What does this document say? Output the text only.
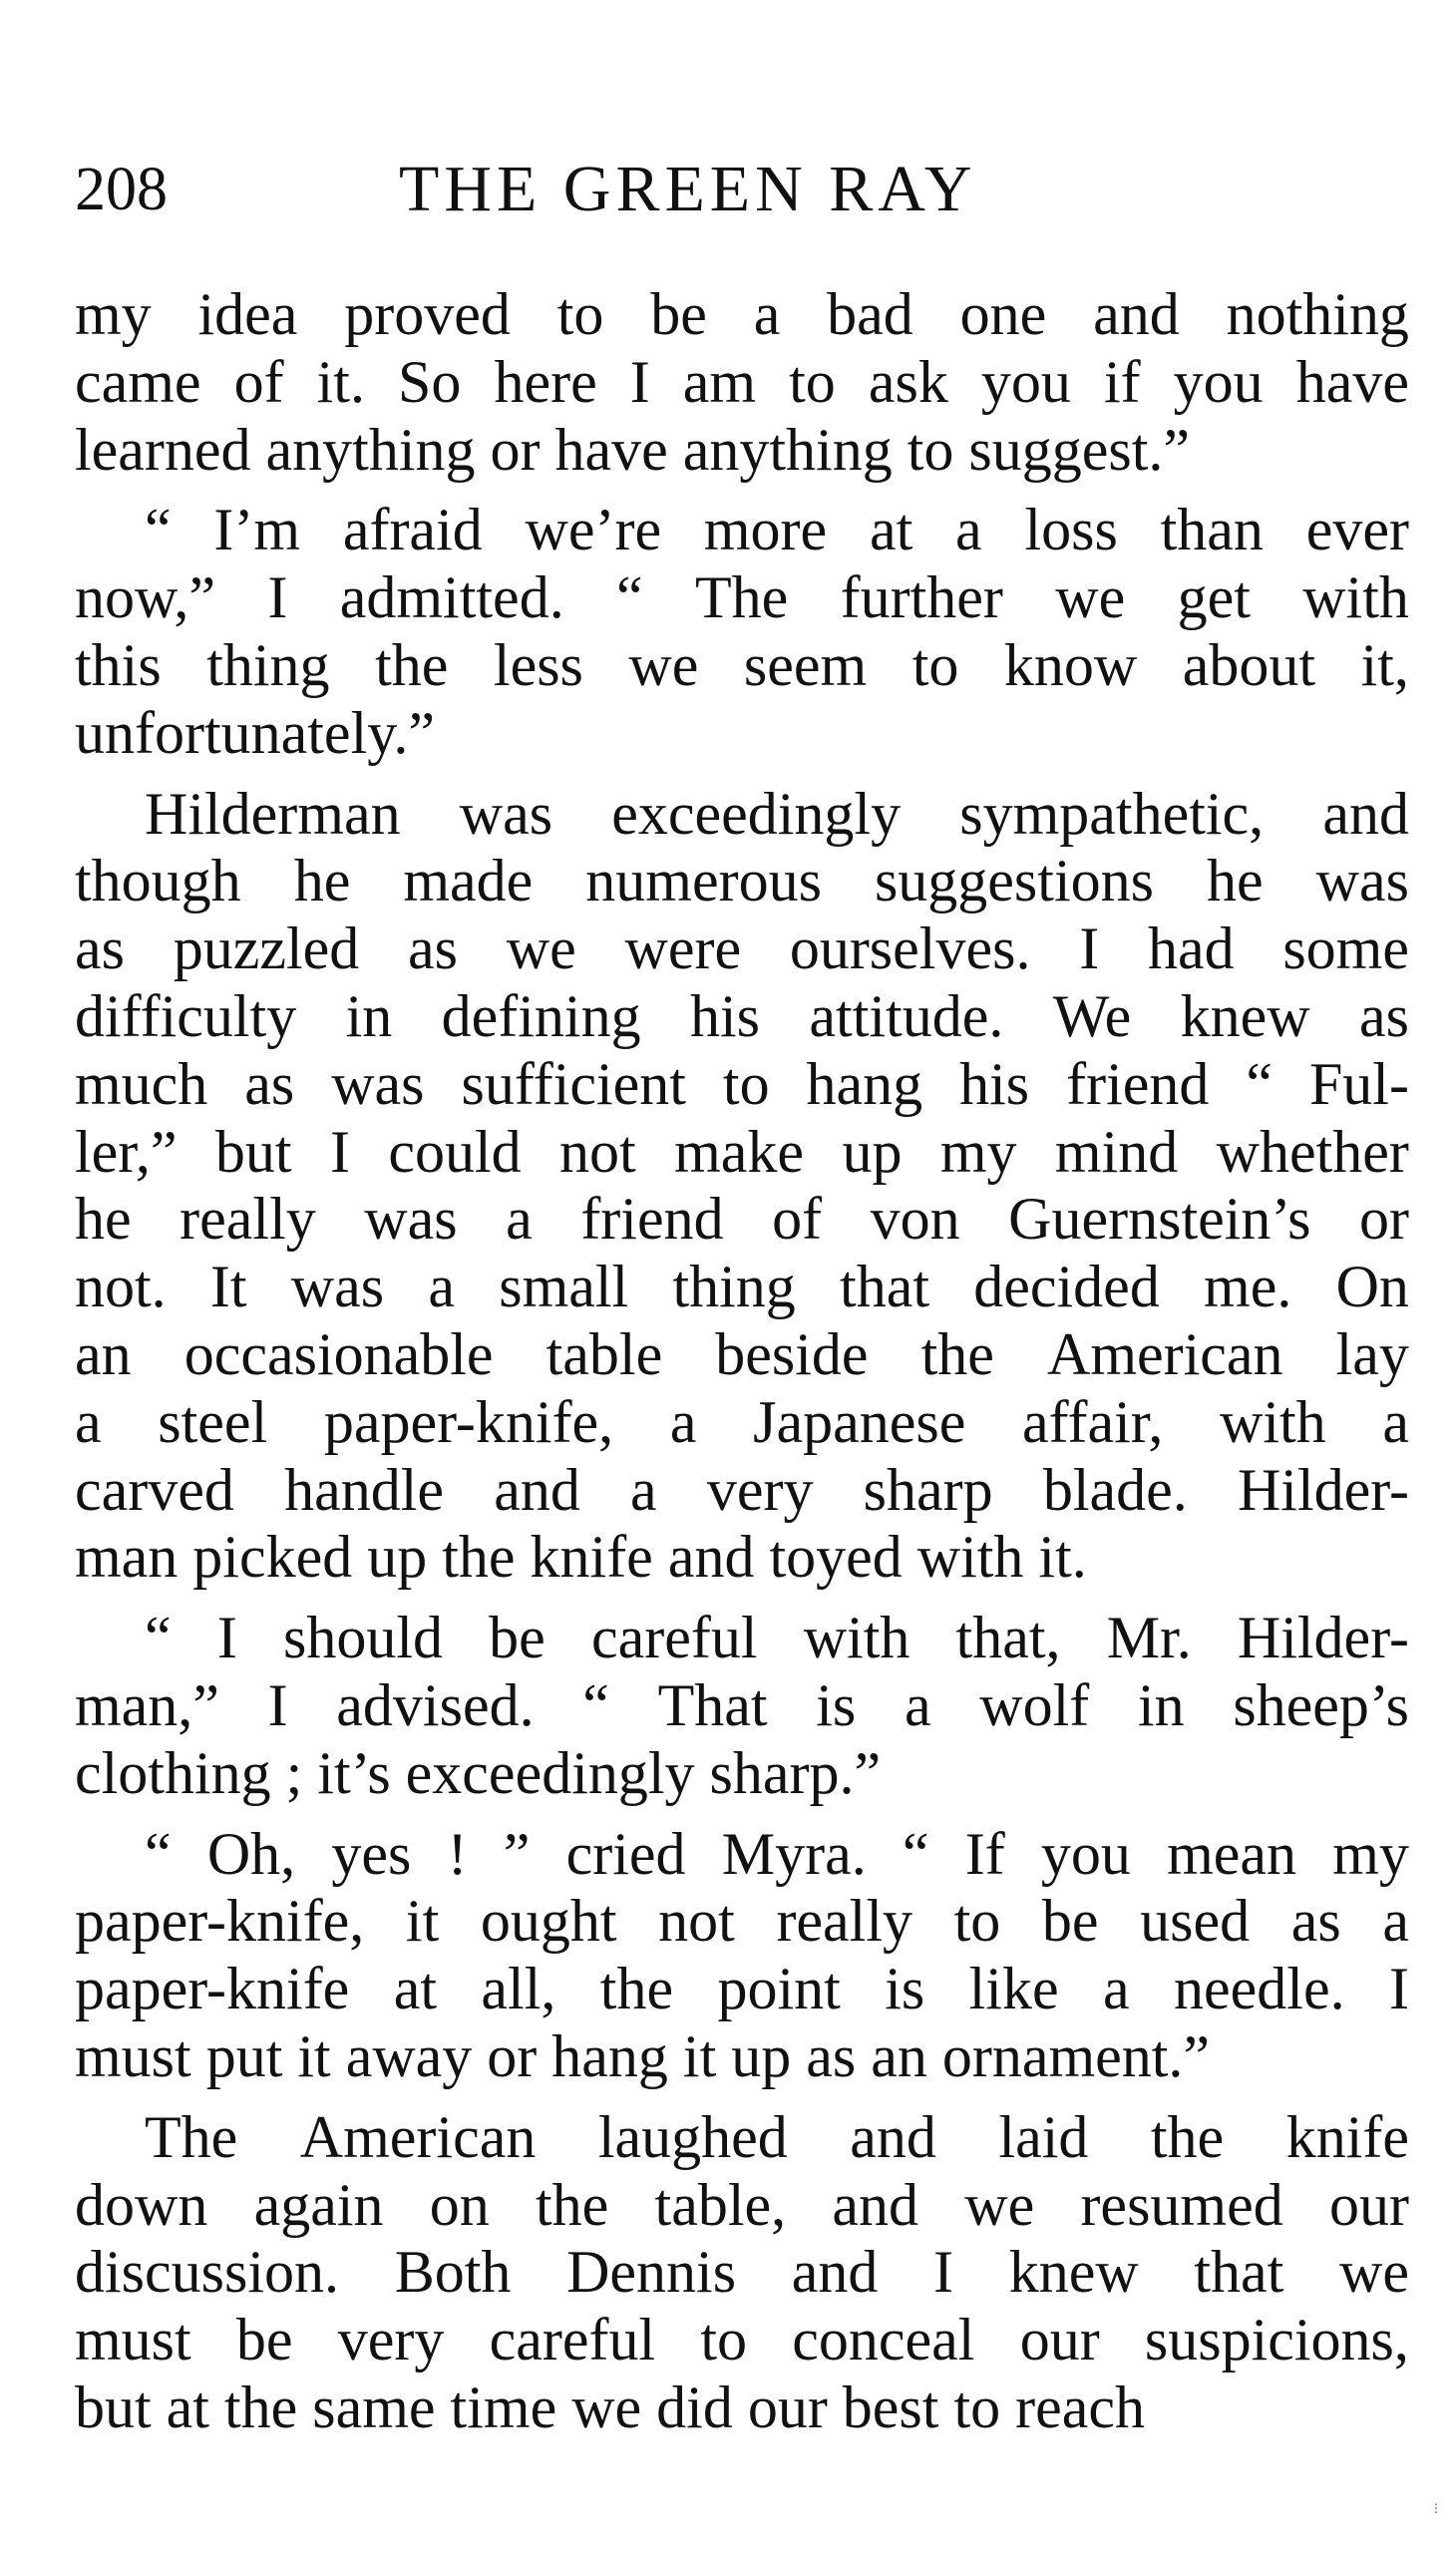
208	THE GREEN RAY
my idea proved to be a bad one and nothing
came of it. So here I am to ask you if you have
learned anything or have anything to suggest.”
“ I’m afraid we’re more at a loss than ever
now,” I admitted. “ The further we get with
this thing the less we seem to know about it,
unfortunately.”
Hilderman was exceedingly sympathetic, and
though he made numerous suggestions he was
as puzzled as we were ourselves. I had some
difficulty in defining his attitude. We knew as
much as was sufficient to hang his friend “ Ful-
ler,” but I could not make up my mind whether
he really was a friend of von Guernstein’s or
not. It was a small thing that decided me. On
an occasionable table beside the American lay
a steel paper-knife, a Japanese affair, with a
carved handle and a very sharp blade. Hilder-
man picked up the knife and toyed with it.
“ I should be careful with that, Mr. Hilder-
man,” I advised. “ That is a wolf in sheep’s
clothing ; it’s exceedingly sharp.”
“ Oh, yes ! ” cried Myra. “ If you mean my
paper-knife, it ought not really to be used as a
paper-knife at all, the point is like a needle. I
must put it away or hang it up as an ornament.”
The American laughed and laid the knife
down again on the table, and we resumed our
discussion. Both Dennis and I knew that we
must be very careful to conceal our suspicions,
but at the same time we did our best to reach
⋮
